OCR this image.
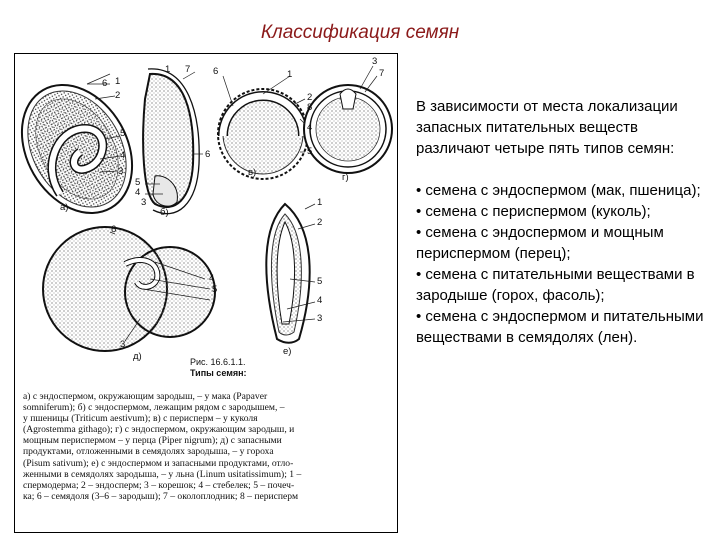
Классификация семян
6 1
2
5
4
3
а)
1 7
6
5
4
3
б)
6	1
2
8
4
5
в)
3
7
г)
6
4
5
3
д)
1
2
5
4
3
е)
Рис. 16.6.1.1.
Типы семян:
а) с эндоспермом, окружающим зародыш, – у мака (Papaver
somniferum); б) с эндоспермом, лежащим рядом с зародышем, –
у пшеницы (Triticum aestivum); в) с перисперм – у куколя
(Agrostemma githago); г) с эндоспермом, окружающим зародыш, и
мощным периспермом – у перца (Piper nigrum); д) с запасными
продуктами, отложенными в семядолях зародыша, – у гороха
(Pisum sativum); е) с эндоспермом и запасными продуктами, отло-
женными в семядолях зародыша, – у льна (Linum usitatissimum); 1 –
спермодерма; 2 – эндосперм; 3 – корешок; 4 – стебелек; 5 – почеч-
ка; 6 – семядоля (3–6 – зародыш); 7 – околоплодник; 8 – перисперм

В зависимости от места локализации запасных питательных веществ различают четыре пять типов семян:

• семена с эндоспермом (мак, пшеница);

• семена с периспермом (куколь);

• семена с эндоспермом и мощным периспермом (перец);

• семена с питательными веществами в зародыше (горох, фасоль);

• семена с эндоспермом и питательными веществами в семядолях (лен).
